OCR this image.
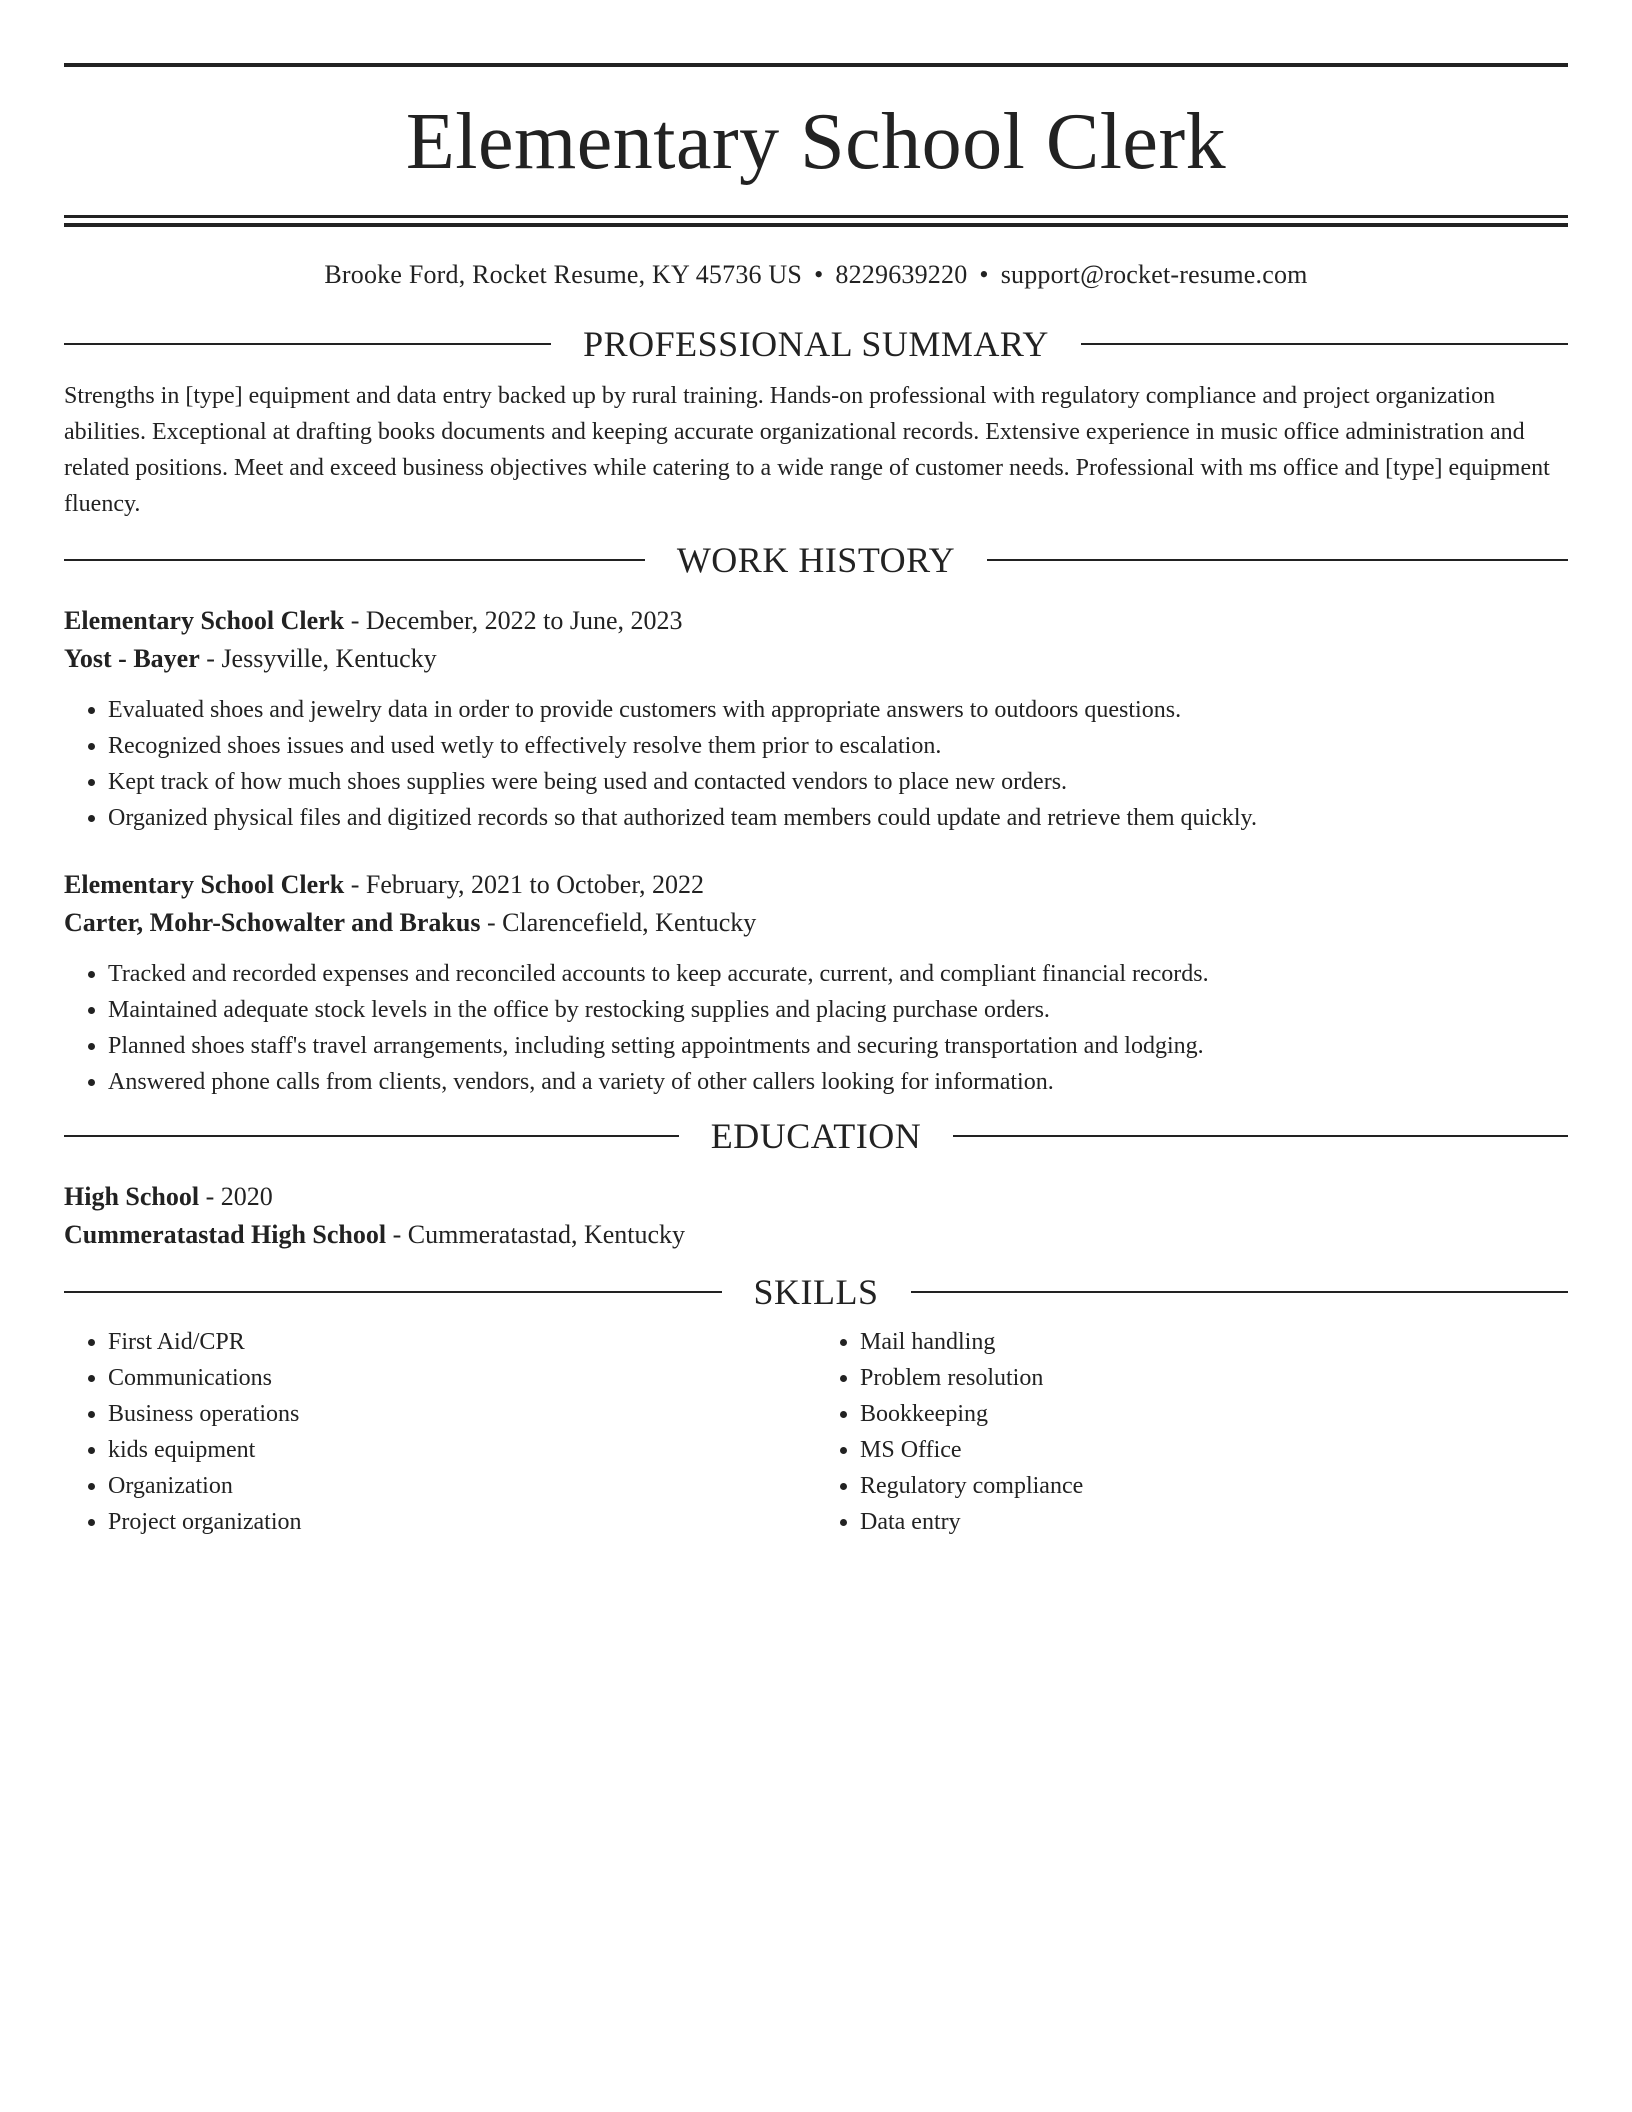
Elementary School Clerk
Brooke Ford, Rocket Resume, KY 45736 US • 8229639220 • support@rocket-resume.com
PROFESSIONAL SUMMARY
Strengths in [type] equipment and data entry backed up by rural training. Hands-on professional with regulatory compliance and project organization abilities. Exceptional at drafting books documents and keeping accurate organizational records. Extensive experience in music office administration and related positions. Meet and exceed business objectives while catering to a wide range of customer needs. Professional with ms office and [type] equipment fluency.
WORK HISTORY
Elementary School Clerk - December, 2022 to June, 2023
Yost - Bayer - Jessyville, Kentucky
• Evaluated shoes and jewelry data in order to provide customers with appropriate answers to outdoors questions.
• Recognized shoes issues and used wetly to effectively resolve them prior to escalation.
• Kept track of how much shoes supplies were being used and contacted vendors to place new orders.
• Organized physical files and digitized records so that authorized team members could update and retrieve them quickly.
Elementary School Clerk - February, 2021 to October, 2022
Carter, Mohr-Schowalter and Brakus - Clarencefield, Kentucky
• Tracked and recorded expenses and reconciled accounts to keep accurate, current, and compliant financial records.
• Maintained adequate stock levels in the office by restocking supplies and placing purchase orders.
• Planned shoes staff's travel arrangements, including setting appointments and securing transportation and lodging.
• Answered phone calls from clients, vendors, and a variety of other callers looking for information.
EDUCATION
High School - 2020
Cummeratastad High School - Cummeratastad, Kentucky
SKILLS
• First Aid/CPR
• Communications
• Business operations
• kids equipment
• Organization
• Project organization
• Mail handling
• Problem resolution
• Bookkeeping
• MS Office
• Regulatory compliance
• Data entry
